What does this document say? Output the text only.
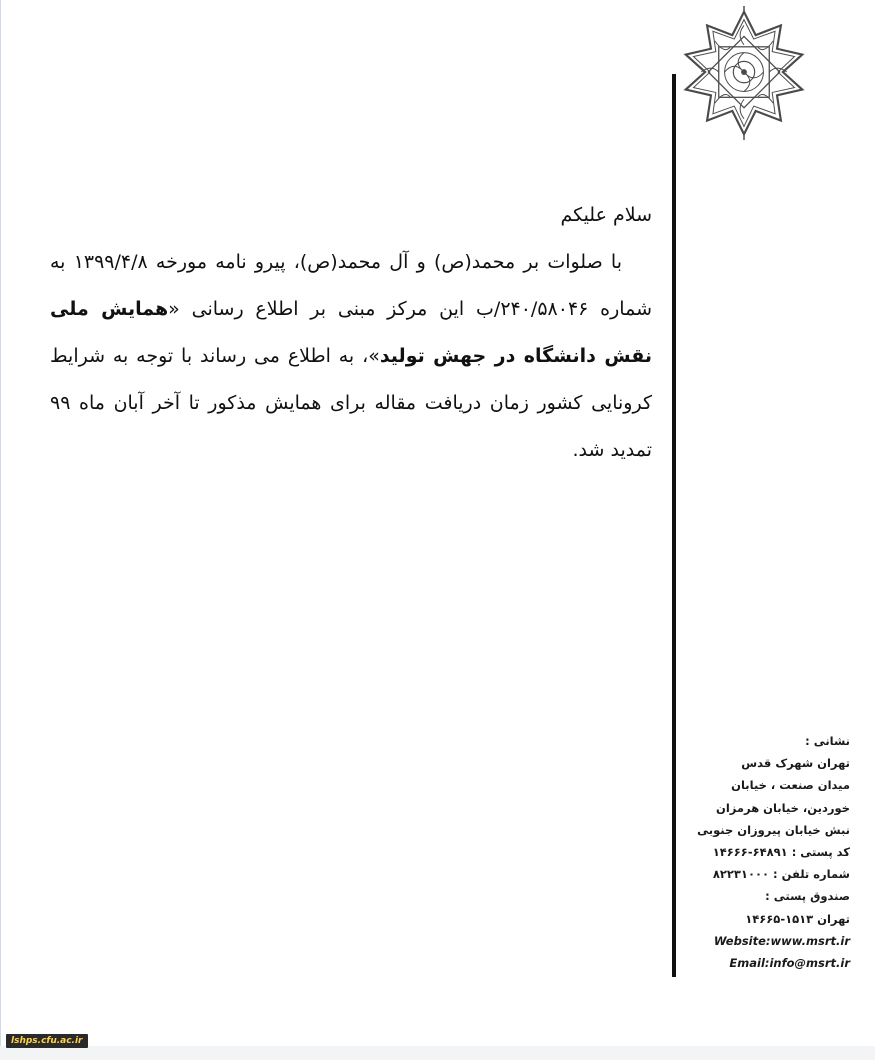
سلام علیکم

با صلوات بر محمد(ص) و آل محمد(ص)، پیرو نامه مورخه ۱۳۹۹/۴/۸ به شماره ۲۴۰/۵۸۰۴۶/ب این مرکز مبنی بر اطلاع رسانی «همایش ملی نقش دانشگاه در جهش تولید»، به اطلاع می رساند با توجه به شرایط کرونایی کشور زمان دریافت مقاله برای همایش مذکور تا آخر آبان ماه ۹۹ تمدید شد.

نشانی :
تهران شهرک قدس
میدان صنعت ، خیابان
خوردین، خیابان هرمزان
نبش خیابان پیروزان جنوبی
کد پستی : ۶۴۸۹۱-۱۴۶۶۶
شماره تلفن : ۸۲۲۳۱۰۰۰
صندوق پستی :
تهران ۱۵۱۳-۱۴۶۶۵
Website:www.msrt.ir
Email:info@msrt.ir
lshps.cfu.ac.ir
